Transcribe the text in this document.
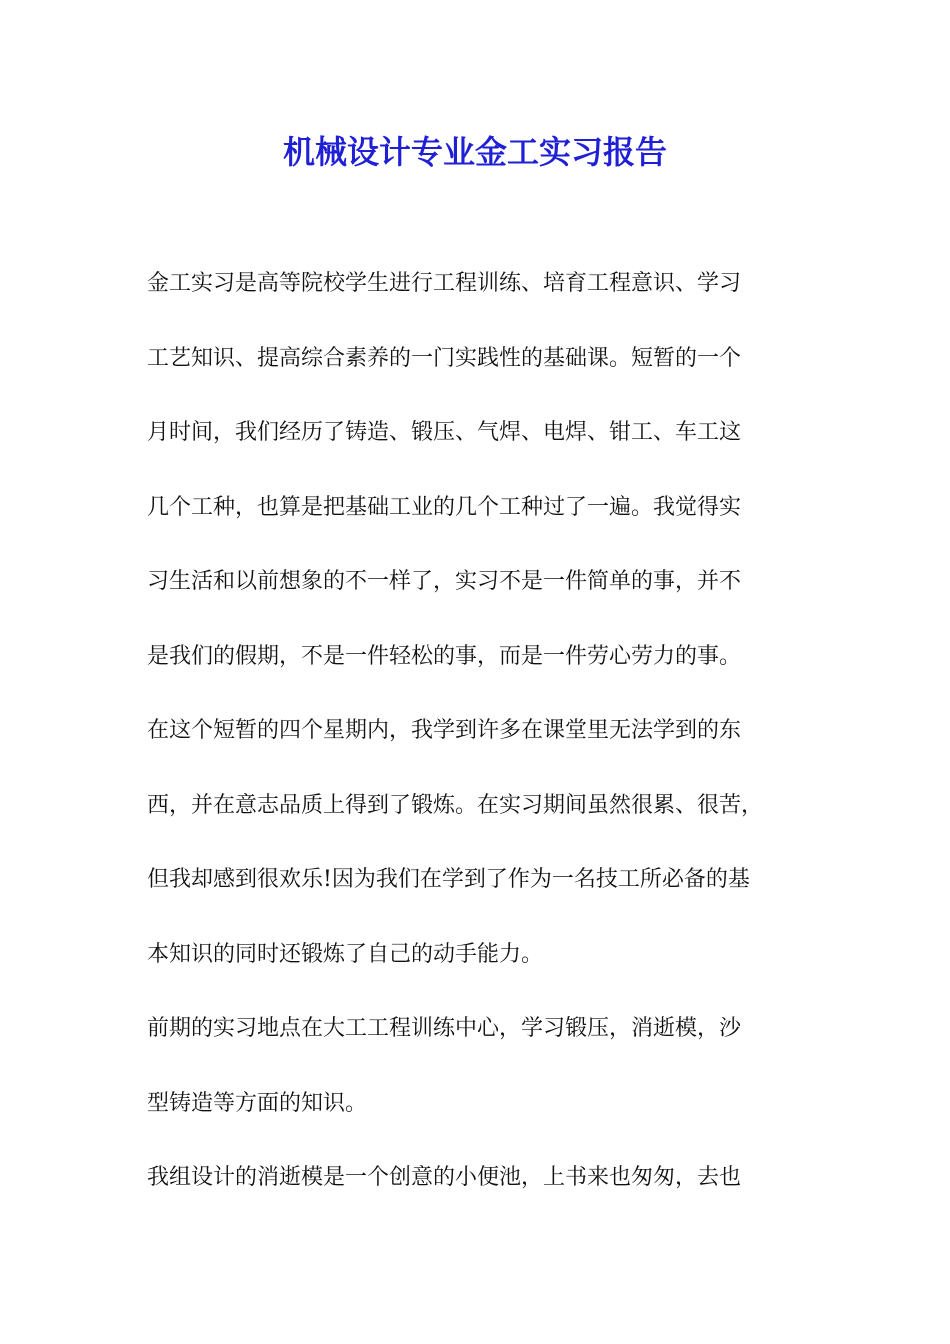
机械设计专业金工实习报告
金工实习是高等院校学生进行工程训练、培育工程意识、学习
工艺知识、提高综合素养的一门实践性的基础课。短暂的一个
月时间，我们经历了铸造、锻压、气焊、电焊、钳工、车工这
几个工种，也算是把基础工业的几个工种过了一遍。我觉得实
习生活和以前想象的不一样了，实习不是一件简单的事，并不
是我们的假期，不是一件轻松的事，而是一件劳心劳力的事。
在这个短暂的四个星期内，我学到许多在课堂里无法学到的东
西，并在意志品质上得到了锻炼。在实习期间虽然很累、很苦，
但我却感到很欢乐!因为我们在学到了作为一名技工所必备的基
本知识的同时还锻炼了自己的动手能力。
前期的实习地点在大工工程训练中心，学习锻压，消逝模，沙
型铸造等方面的知识。
我组设计的消逝模是一个创意的小便池，上书来也匆匆，去也
